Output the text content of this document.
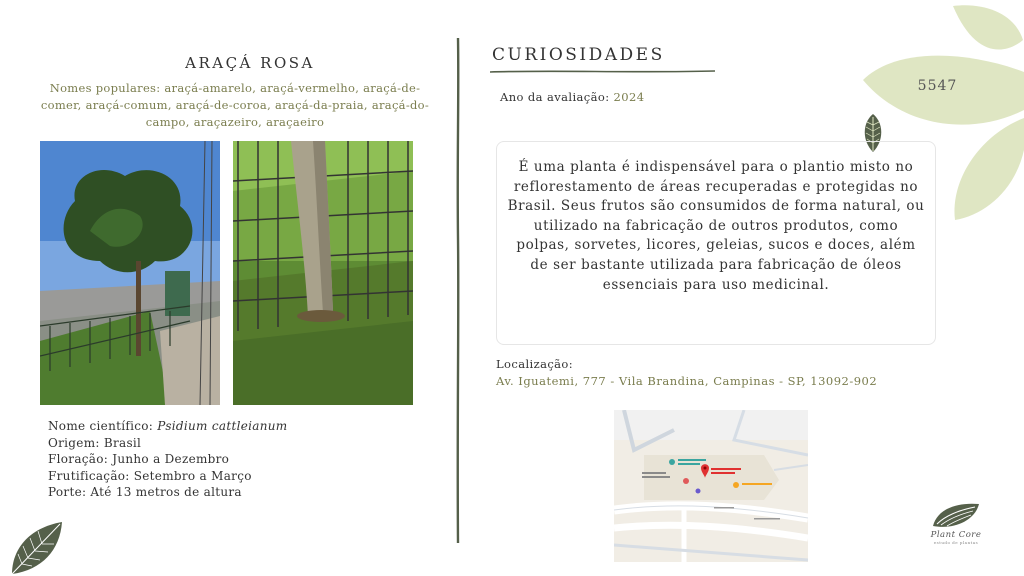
5547
ARAÇÁ ROSA
Nomes populares: araçá-amarelo, araçá-vermelho, araçá-de-comer, araçá-comum, araçá-de-coroa, araçá-da-praia, araçá-do-campo, araçazeiro, araçaeiro
Nome científico: Psidium cattleianum
Origem: Brasil
Floração: Junho a Dezembro
Frutificação: Setembro a Março
Porte: Até 13 metros de altura
CURIOSIDADES
Ano da avaliação: 2024

É uma planta é indispensável para o plantio misto no reflorestamento de áreas recuperadas e protegidas no Brasil. Seus frutos são consumidos de forma natural, ou utilizado na fabricação de outros produtos, como polpas, sorvetes, licores, geleias, sucos e doces, além de ser bastante utilizada para fabricação de óleos essenciais para uso medicinal.

Localização:
Av. Iguatemi, 777 - Vila Brandina, Campinas - SP, 13092-902
Plant Core
estudo de plantas
